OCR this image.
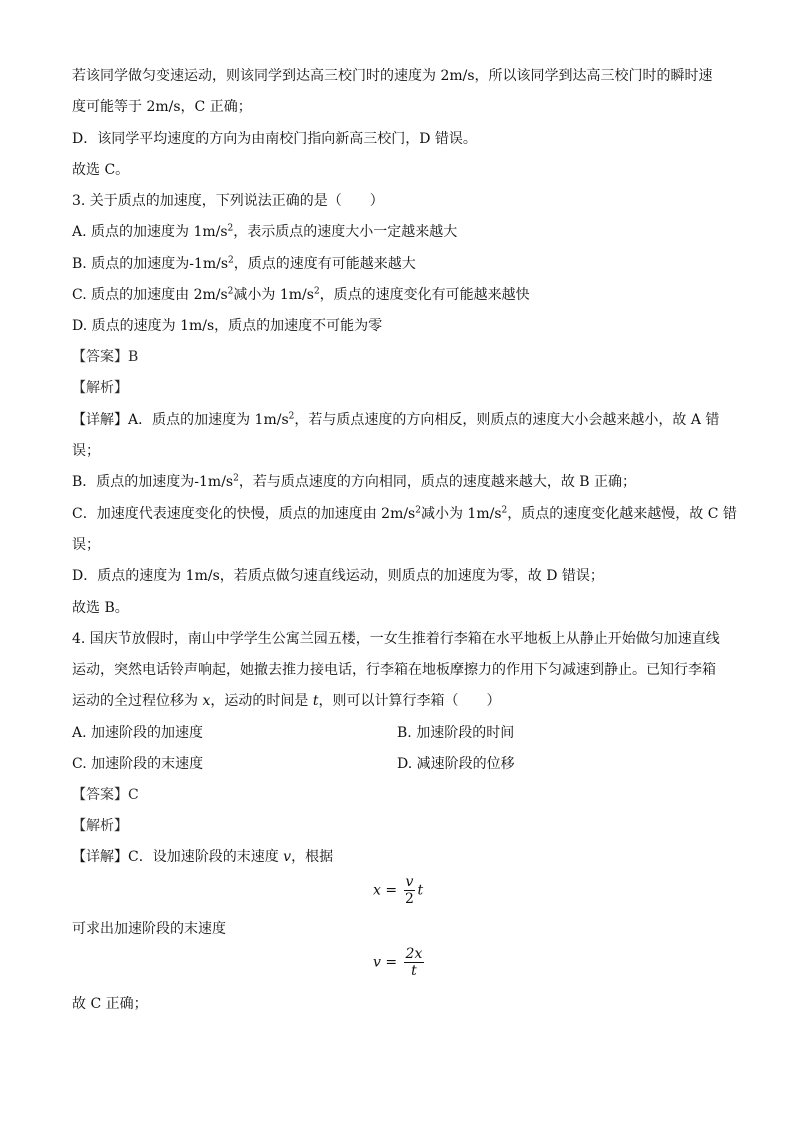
若该同学做匀变速运动，则该同学到达高三校门时的速度为 2m/s，所以该同学到达高三校门时的瞬时速
度可能等于 2m/s，C 正确；
D．该同学平均速度的方向为由南校门指向新高三校门，D 错误。
故选 C。
3. 关于质点的加速度，下列说法正确的是（　　）
A. 质点的加速度为 $1m/s^2$，表示质点的速度大小一定越来越大
B. 质点的加速度为$-1m/s^2$，质点的速度有可能越来越大
C. 质点的加速度由 $2m/s^2$减小为 $1m/s^2$，质点的速度变化有可能越来越快
D. 质点的速度为 1m/s，质点的加速度不可能为零
【答案】B
【解析】
【详解】A．质点的加速度为 $1m/s^2$，若与质点速度的方向相反，则质点的速度大小会越来越小，故 A 错
误；
B．质点的加速度为$-1m/s^2$，若与质点速度的方向相同，质点的速度越来越大，故 B 正确；
C．加速度代表速度变化的快慢，质点的加速度由 $2m/s^2$减小为 $1m/s^2$，质点的速度变化越来越慢，故 C 错
误；
D．质点的速度为 1m/s，若质点做匀速直线运动，则质点的加速度为零，故 D 错误；
故选 B。
4. 国庆节放假时，南山中学学生公寓兰园五楼，一女生推着行李箱在水平地板上从静止开始做匀加速直线
运动，突然电话铃声响起，她撤去推力接电话，行李箱在地板摩擦力的作用下匀减速到静止。已知行李箱
运动的全过程位移为 x，运动的时间是 t，则可以计算行李箱（　　）
A. 加速阶段的加速度	B. 加速阶段的时间
C. 加速阶段的末速度	D. 减速阶段的位移
【答案】C
【解析】
【详解】C．设加速阶段的末速度 v，根据
$x = \frac{v}{2}$ t
可求出加速阶段的末速度
$v = \frac{2x}{t}$
故 C 正确；
